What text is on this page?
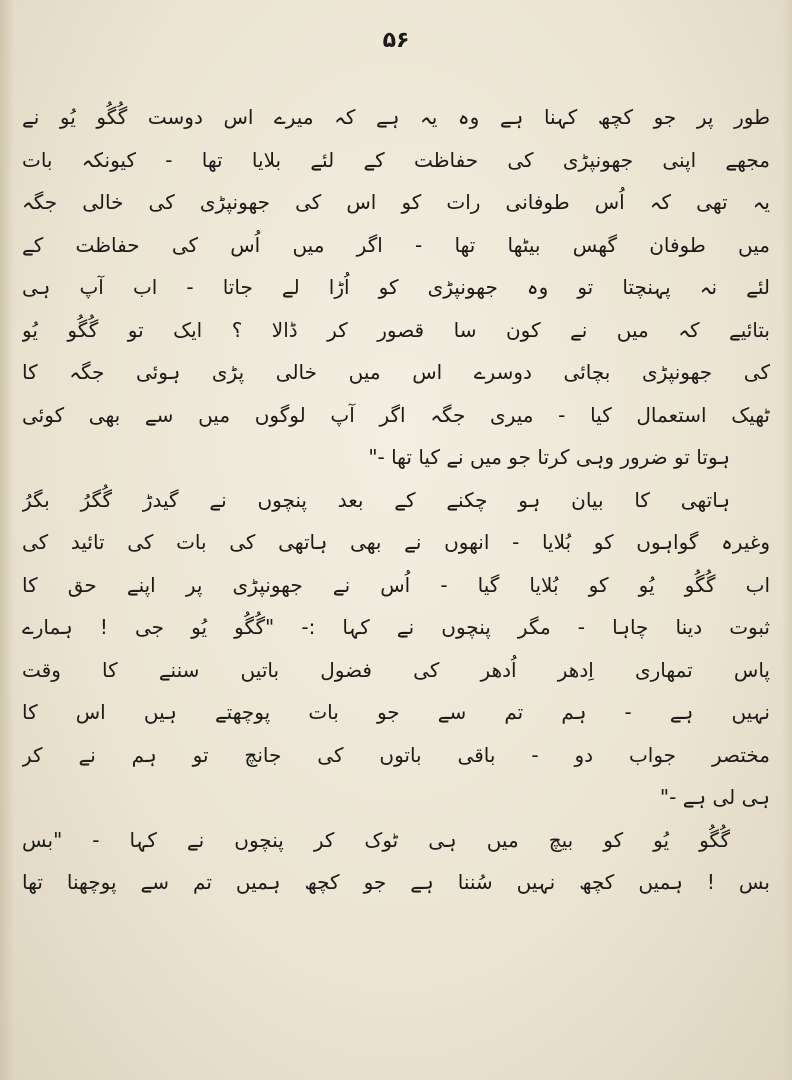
۵۶
طور پر جو کچھ کہنا ہے وہ یہ ہے کہ میرے اس دوست گُگُو یُو نے
مجھے اپنی جھونپڑی کی حفاظت کے لئے بلایا تھا - کیونکہ بات
یہ تھی کہ اُس طوفانی رات کو اس کی جھونپڑی کی خالی جگہ
میں طوفان گھس بیٹھا تھا - اگر میں اُس کی حفاظت کے
لئے نہ پہنچتا تو وہ جھونپڑی کو اُڑا لے جاتا - اب آپ ہی
بتائیے کہ میں نے کون سا قصور کر ڈالا ؟ ایک تو گُگُو یُو
کی جھونپڑی بچائی دوسرے اس میں خالی پڑی ہوئی جگہ کا
ٹھیک استعمال کیا - میری جگہ اگر آپ لوگوں میں سے بھی کوئی
ہوتا تو ضرور وہی کرتا جو میں نے کیا تھا -"
ہاتھی کا بیان ہو چکنے کے بعد پنچوں نے گیدڑ گُگرُ بگرُ
وغیرہ گواہوں کو بُلایا - انھوں نے بھی ہاتھی کی بات کی تائید کی
اب گُگُو یُو کو بُلایا گیا - اُس نے جھونپڑی پر اپنے حق کا
ثبوت دینا چاہا - مگر پنچوں نے کہا :- "گُگُو یُو جی ! ہمارے
پاس تمھاری اِدھر اُدھر کی فضول باتیں سننے کا وقت
نہیں ہے - ہم تم سے جو بات پوچھتے ہیں اس کا
مختصر جواب دو - باقی باتوں کی جانچ تو ہم نے کر
ہی لی ہے -"
گُگُو یُو کو بیچ میں ہی ٹوک کر پنچوں نے کہا - "بس
بس ! ہمیں کچھ نہیں سُننا ہے جو کچھ ہمیں تم سے پوچھنا تھا
